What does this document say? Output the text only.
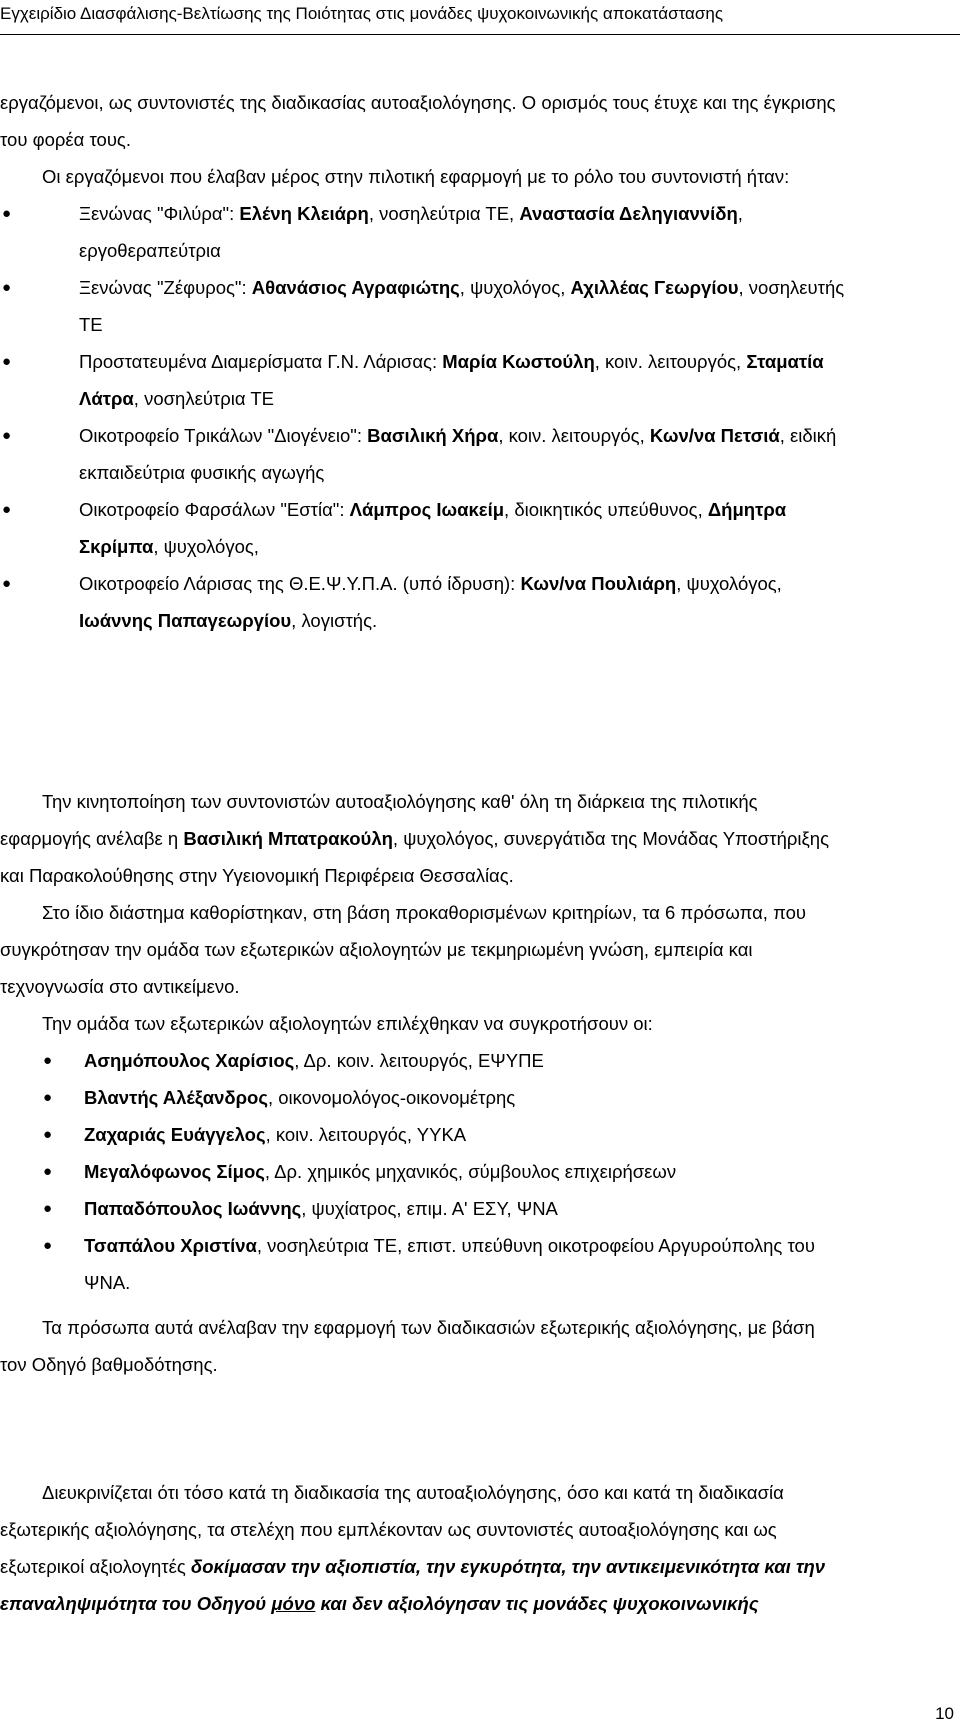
Εγχειρίδιο Διασφάλισης-Βελτίωσης της Ποιότητας στις μονάδες ψυχοκοινωνικής αποκατάστασης

εργαζόμενοι, ως συντονιστές της διαδικασίας αυτοαξιολόγησης. Ο ορισμός τους έτυχε και της έγκρισης
του φορέα τους.

Οι εργαζόμενοι που έλαβαν μέρος στην πιλοτική εφαρμογή με το ρόλο του συντονιστή ήταν:

●	Ξενώνας "Φιλύρα": Ελένη Κλειάρη, νοσηλεύτρια ΤΕ, Αναστασία Δεληγιαννίδη,
εργοθεραπεύτρια

●	Ξενώνας "Ζέφυρος": Αθανάσιος Αγραφιώτης, ψυχολόγος, Αχιλλέας Γεωργίου, νοσηλευτής
ΤΕ

●	Προστατευμένα Διαμερίσματα Γ.Ν. Λάρισας: Μαρία Κωστούλη, κοιν. λειτουργός, Σταματία
Λάτρα, νοσηλεύτρια ΤΕ

●	Οικοτροφείο Τρικάλων "Διογένειο": Βασιλική Χήρα, κοιν. λειτουργός, Κων/να Πετσιά, ειδική
εκπαιδεύτρια φυσικής αγωγής

●	Οικοτροφείο Φαρσάλων "Εστία": Λάμπρος Ιωακείμ, διοικητικός υπεύθυνος, Δήμητρα
Σκρίμπα, ψυχολόγος,

●	Οικοτροφείο Λάρισας της Θ.Ε.Ψ.Υ.Π.Α. (υπό ίδρυση): Κων/να Πουλιάρη, ψυχολόγος,
Ιωάννης Παπαγεωργίου, λογιστής.

Την κινητοποίηση των συντονιστών αυτοαξιολόγησης καθ' όλη τη διάρκεια της πιλοτικής
εφαρμογής ανέλαβε η Βασιλική Μπατρακούλη, ψυχολόγος, συνεργάτιδα της Μονάδας Υποστήριξης
και Παρακολούθησης στην Υγειονομική Περιφέρεια Θεσσαλίας.

Στο ίδιο διάστημα καθορίστηκαν, στη βάση προκαθορισμένων κριτηρίων, τα 6 πρόσωπα, που
συγκρότησαν την ομάδα των εξωτερικών αξιολογητών με τεκμηριωμένη γνώση, εμπειρία και
τεχνογνωσία στο αντικείμενο.

Την ομάδα των εξωτερικών αξιολογητών επιλέχθηκαν να συγκροτήσουν οι:

● Ασημόπουλος Χαρίσιος, Δρ. κοιν. λειτουργός, ΕΨΥΠΕ

● Βλαντής Αλέξανδρος, οικονομολόγος-οικονομέτρης

● Ζαχαριάς Ευάγγελος, κοιν. λειτουργός, ΥΥΚΑ

● Μεγαλόφωνος Σίμος, Δρ. χημικός μηχανικός, σύμβουλος επιχειρήσεων

● Παπαδόπουλος Ιωάννης, ψυχίατρος, επιμ. Α' ΕΣΥ, ΨΝΑ

● Τσαπάλου Χριστίνα, νοσηλεύτρια ΤΕ, επιστ. υπεύθυνη οικοτροφείου Αργυρούπολης του
ΨΝΑ.

Τα πρόσωπα αυτά ανέλαβαν την εφαρμογή των διαδικασιών εξωτερικής αξιολόγησης, με βάση
τον Οδηγό βαθμοδότησης.

Διευκρινίζεται ότι τόσο κατά τη διαδικασία της αυτοαξιολόγησης, όσο και κατά τη διαδικασία
εξωτερικής αξιολόγησης, τα στελέχη που εμπλέκονταν ως συντονιστές αυτοαξιολόγησης και ως
εξωτερικοί αξιολογητές δοκίμασαν την αξιοπιστία, την εγκυρότητα, την αντικειμενικότητα και την
επαναληψιμότητα του Οδηγού μόνο και δεν αξιολόγησαν τις μονάδες ψυχοκοινωνικής

10
